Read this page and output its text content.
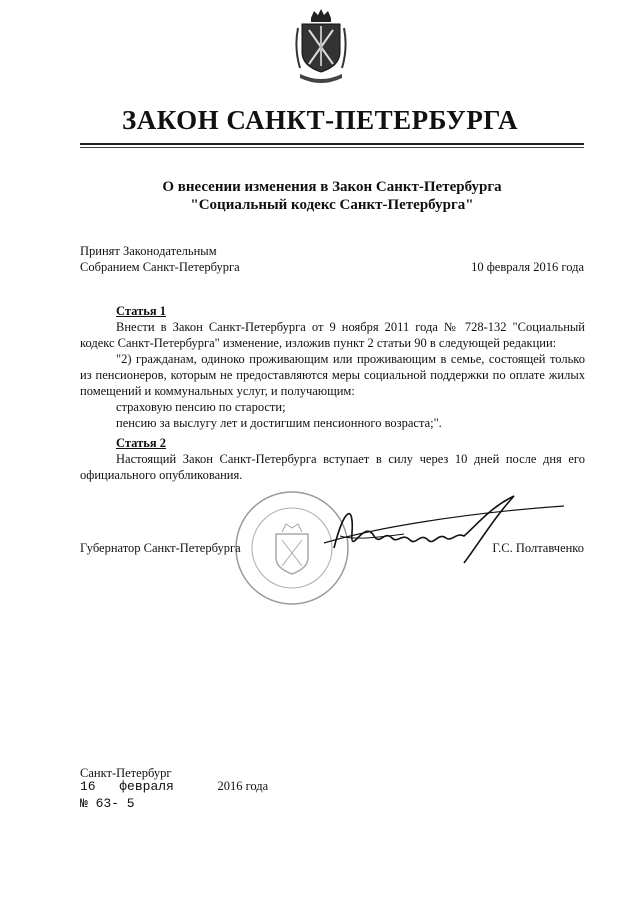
ЗАКОН САНКТ-ПЕТЕРБУРГА
О внесении изменения в Закон Санкт-Петербурга
"Социальный кодекс Санкт-Петербурга"
Принят Законодательным
Собранием Санкт-Петербурга	10 февраля 2016 года

Статья 1

Внести в Закон Санкт-Петербурга от 9 ноября 2011 года № 728-132 "Социальный кодекс Санкт-Петербурга" изменение, изложив пункт 2 статьи 90 в следующей редакции:

"2) гражданам, одиноко проживающим или проживающим в семье, состоящей только из пенсионеров, которым не предоставляются меры социальной поддержки по оплате жилых помещений и коммунальных услуг, и получающим:

страховую пенсию по старости;

пенсию за выслугу лет и достигшим пенсионного возраста;".

Статья 2

Настоящий Закон Санкт-Петербурга вступает в силу через 10 дней после дня его официального опубликования.

Губернатор Санкт-Петербурга	Г.С. Полтавченко
Санкт-Петербург
16 февраля	2016 года
№ 63- 5
